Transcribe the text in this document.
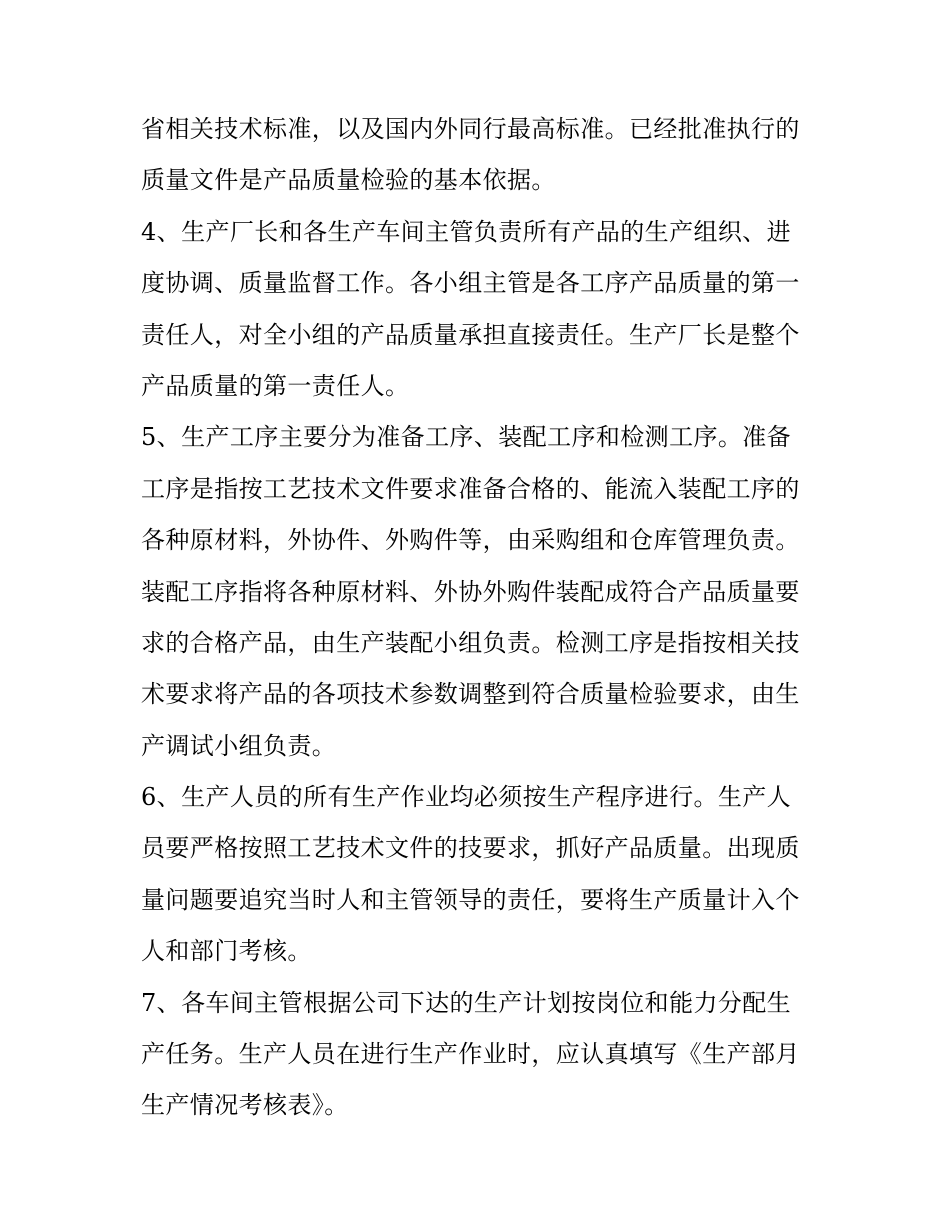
省相关技术标准，以及国内外同行最高标准。已经批准执行的
质量文件是产品质量检验的基本依据。
4、生产厂长和各生产车间主管负责所有产品的生产组织、进
度协调、质量监督工作。各小组主管是各工序产品质量的第一
责任人，对全小组的产品质量承担直接责任。生产厂长是整个
产品质量的第一责任人。
5、生产工序主要分为准备工序、装配工序和检测工序。准备
工序是指按工艺技术文件要求准备合格的、能流入装配工序的
各种原材料，外协件、外购件等，由采购组和仓库管理负责。
装配工序指将各种原材料、外协外购件装配成符合产品质量要
求的合格产品，由生产装配小组负责。检测工序是指按相关技
术要求将产品的各项技术参数调整到符合质量检验要求，由生
产调试小组负责。
6、生产人员的所有生产作业均必须按生产程序进行。生产人
员要严格按照工艺技术文件的技要求，抓好产品质量。出现质
量问题要追究当时人和主管领导的责任，要将生产质量计入个
人和部门考核。
7、各车间主管根据公司下达的生产计划按岗位和能力分配生
产任务。生产人员在进行生产作业时，应认真填写《生产部月
生产情况考核表》。
